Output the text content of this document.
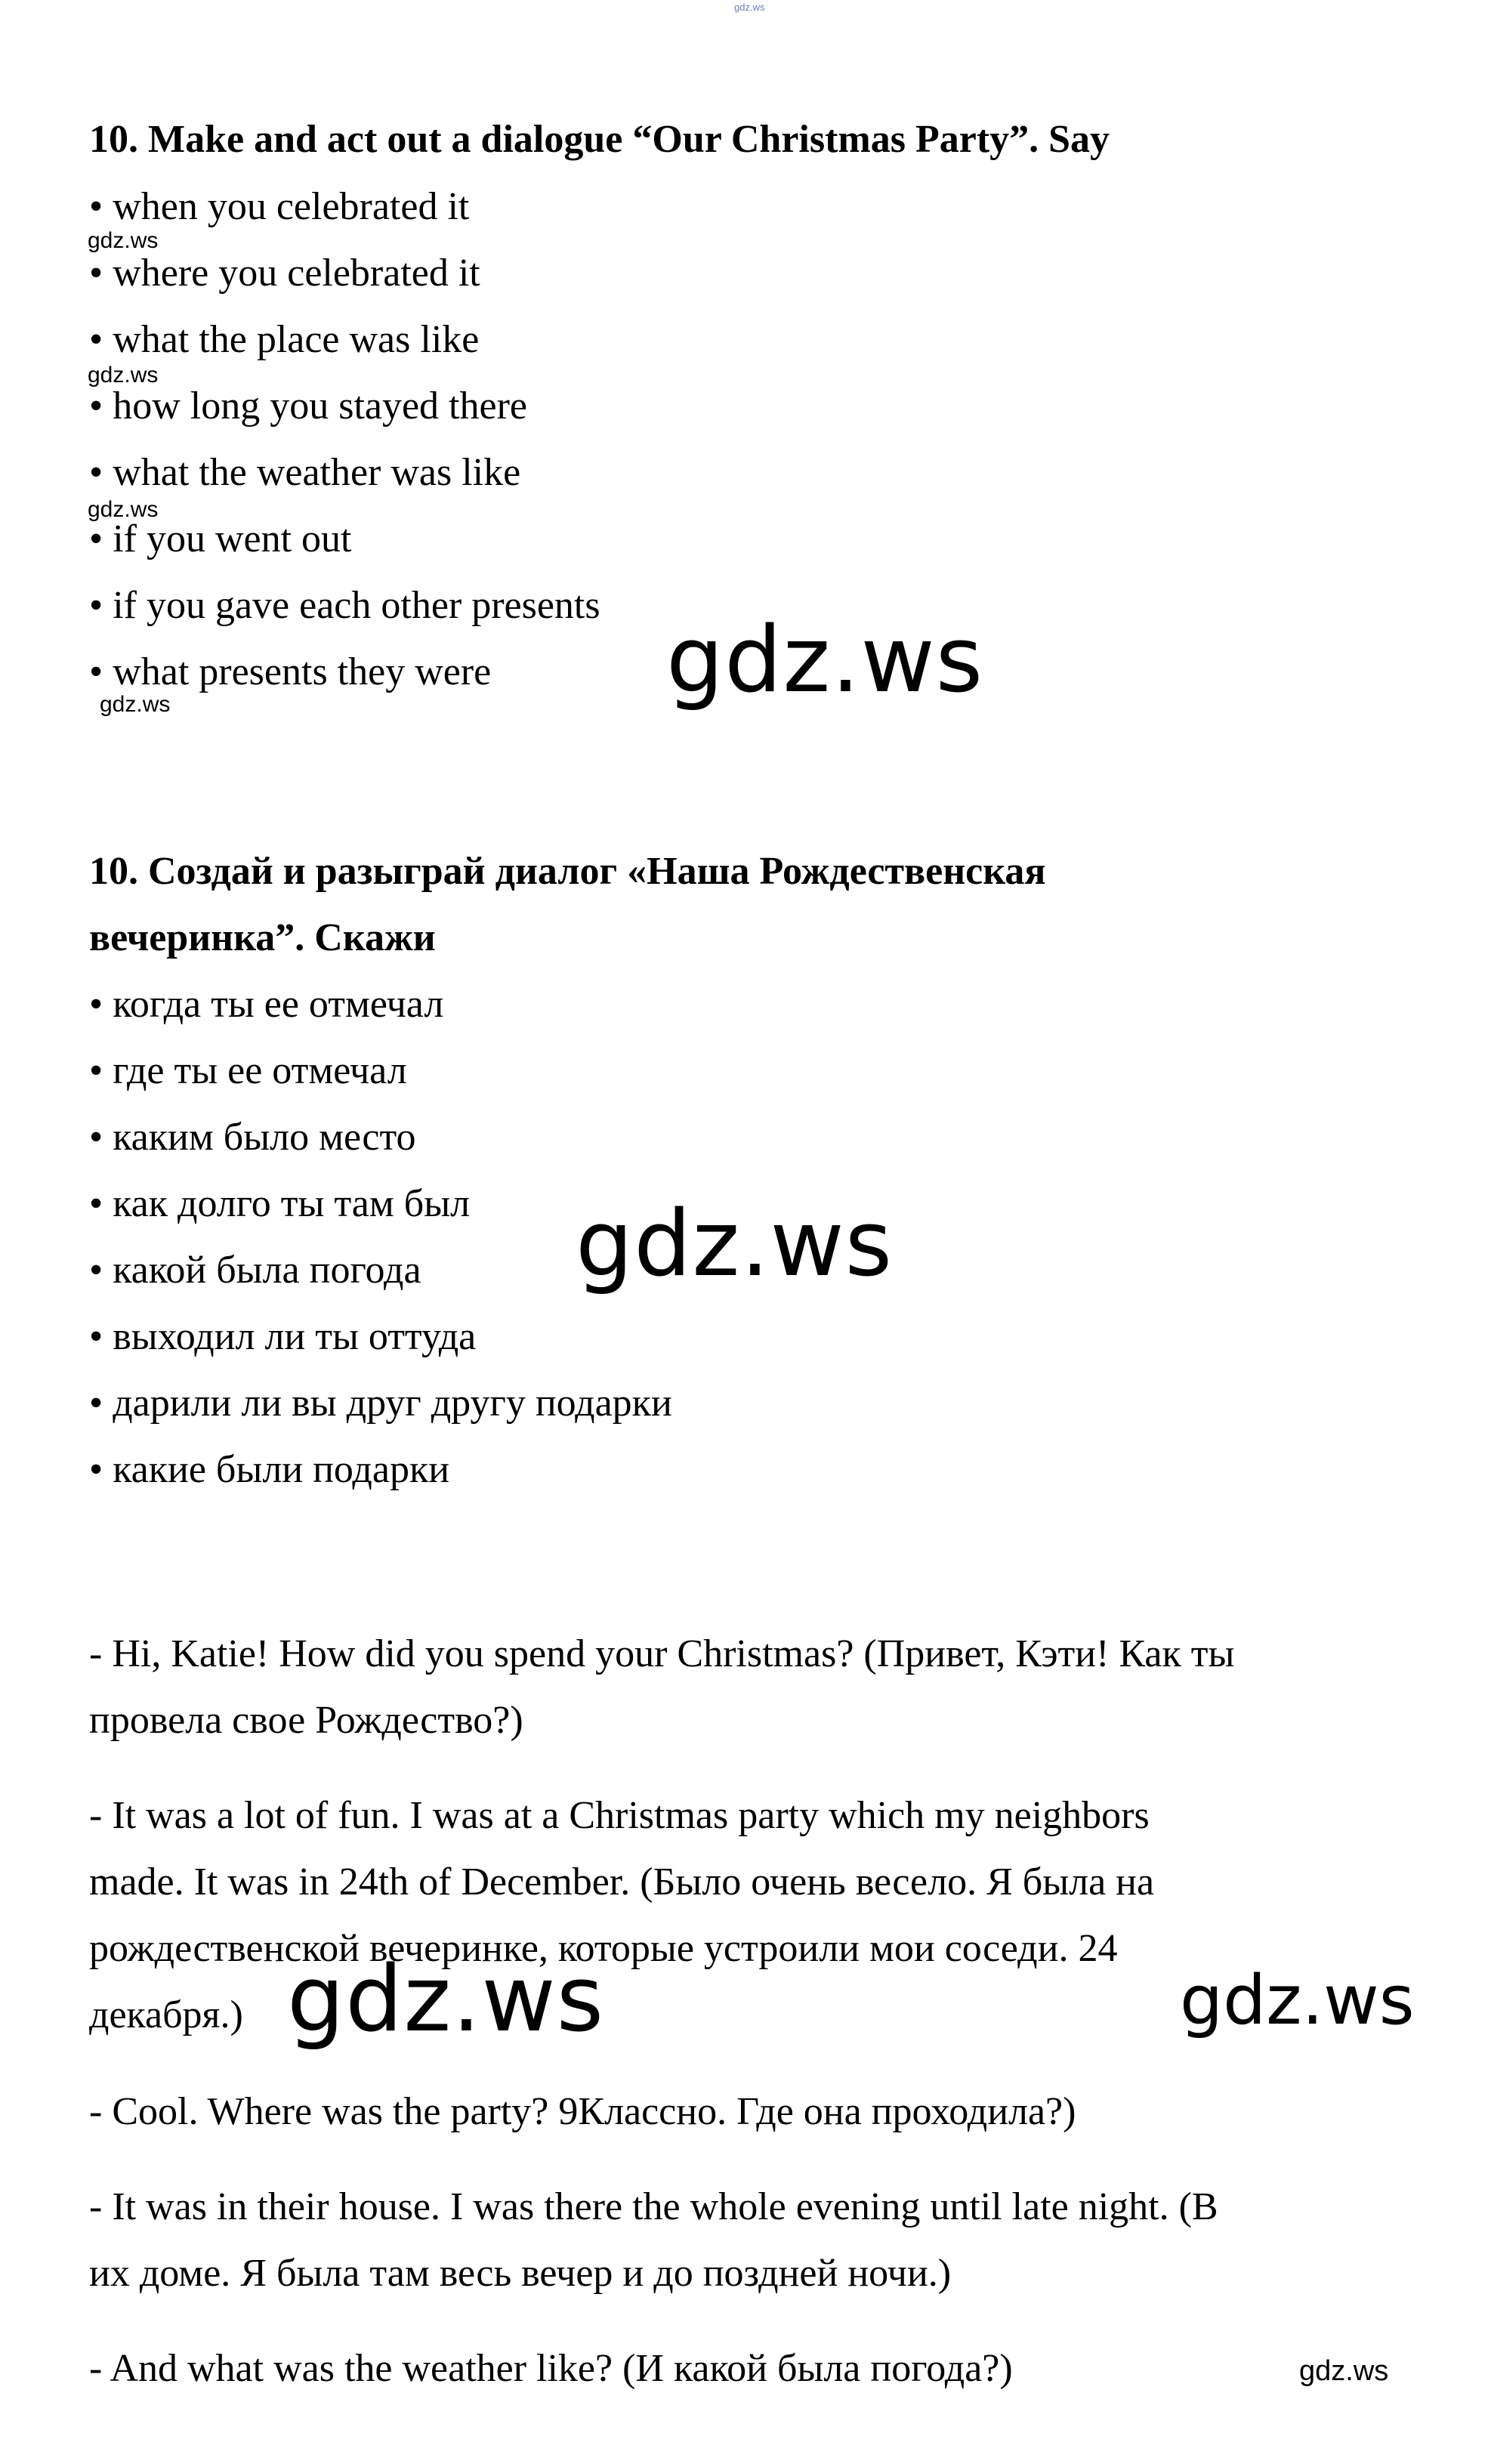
gdz.ws
10. Make and act out a dialogue “Our Christmas Party”. Say
• when you celebrated it
• where you celebrated it
• what the place was like
• how long you stayed there
• what the weather was like
• if you went out
• if you gave each other presents
• what presents they were
gdz.ws
gdz.ws
gdz.ws
gdz.ws	gdz.ws
10. Создай и разыграй диалог «Наша Рождественская
вечеринка”. Скажи
• когда ты ее отмечал
• где ты ее отмечал
• каким было место
• как долго ты там был
• какой была погода
• выходил ли ты оттуда
• дарили ли вы друг другу подарки
• какие были подарки
gdz.ws
- Hi, Katie! How did you spend your Christmas? (Привет, Кэти! Как ты
провела свое Рождество?)
- It was a lot of fun. I was at a Christmas party which my neighbors
made. It was in 24th of December. (Было очень весело. Я была на
рождественской вечеринке, которые устроили мои соседи. 24
декабря.)
- Cool. Where was the party? 9Классно. Где она проходила?)
- It was in their house. I was there the whole evening until late night. (В
их доме. Я была там весь вечер и до поздней ночи.)
- And what was the weather like? (И какой была погода?)
gdz.ws	gdz.ws
gdz.ws
